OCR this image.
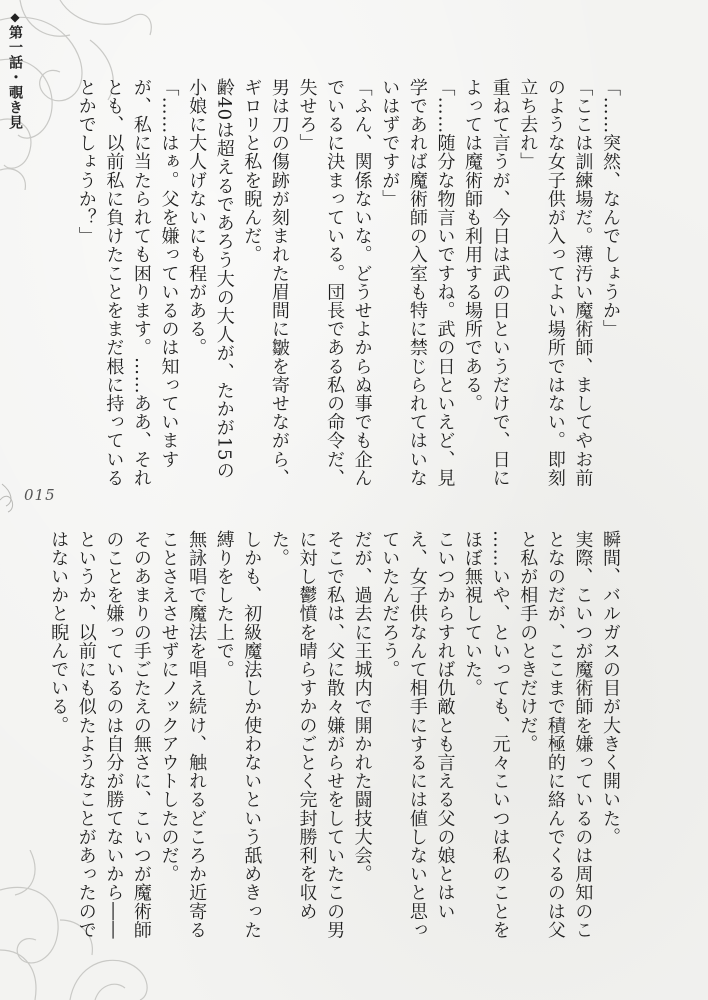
◆第一話・覗き見
015

「……突然、なんでしょうか」

「ここは訓練場だ。薄汚い魔術師、ましてやお前のような女子供が入ってよい場所ではない。即刻立ち去れ」

重ねて言うが、今日は武の日というだけで、日によっては魔術師も利用する場所である。

「……随分な物言いですね。武の日といえど、見学であれば魔術師の入室も特に禁じられてはいないはずですが」

「ふん、関係ないな。どうせよからぬ事でも企んでいるに決まっている。団長である私の命令だ、失せろ」

男は刀の傷跡が刻まれた眉間に皺を寄せながら、ギロリと私を睨んだ。

齢40は超えるであろう大の大人が、たかが15の小娘に大人げないにも程がある。

「……はぁ。父を嫌っているのは知っていますが、私に当たられても困ります。……ああ、それとも、以前私に負けたことをまだ根に持っているとかでしょうか？」

瞬間、バルガスの目が大きく開いた。

実際、こいつが魔術師を嫌っているのは周知のことなのだが、ここまで積極的に絡んでくるのは父と私が相手のときだけだ。

……いや、といっても、元々こいつは私のことをほぼ無視していた。

こいつからすれば仇敵とも言える父の娘とはいえ、女子供なんて相手にするには値しないと思っていたんだろう。

だが、過去に王城内で開かれた闘技大会。

そこで私は、父に散々嫌がらせをしていたこの男に対し鬱憤を晴らすかのごとく完封勝利を収めた。

しかも、初級魔法しか使わないという舐めきった縛りをした上で。

無詠唱で魔法を唱え続け、触れるどころか近寄ることさえさせずにノックアウトしたのだ。

そのあまりの手ごたえの無さに、こいつが魔術師のことを嫌っているのは自分が勝てないから――というか、以前にも似たようなことがあったのではないかと睨んでいる。
